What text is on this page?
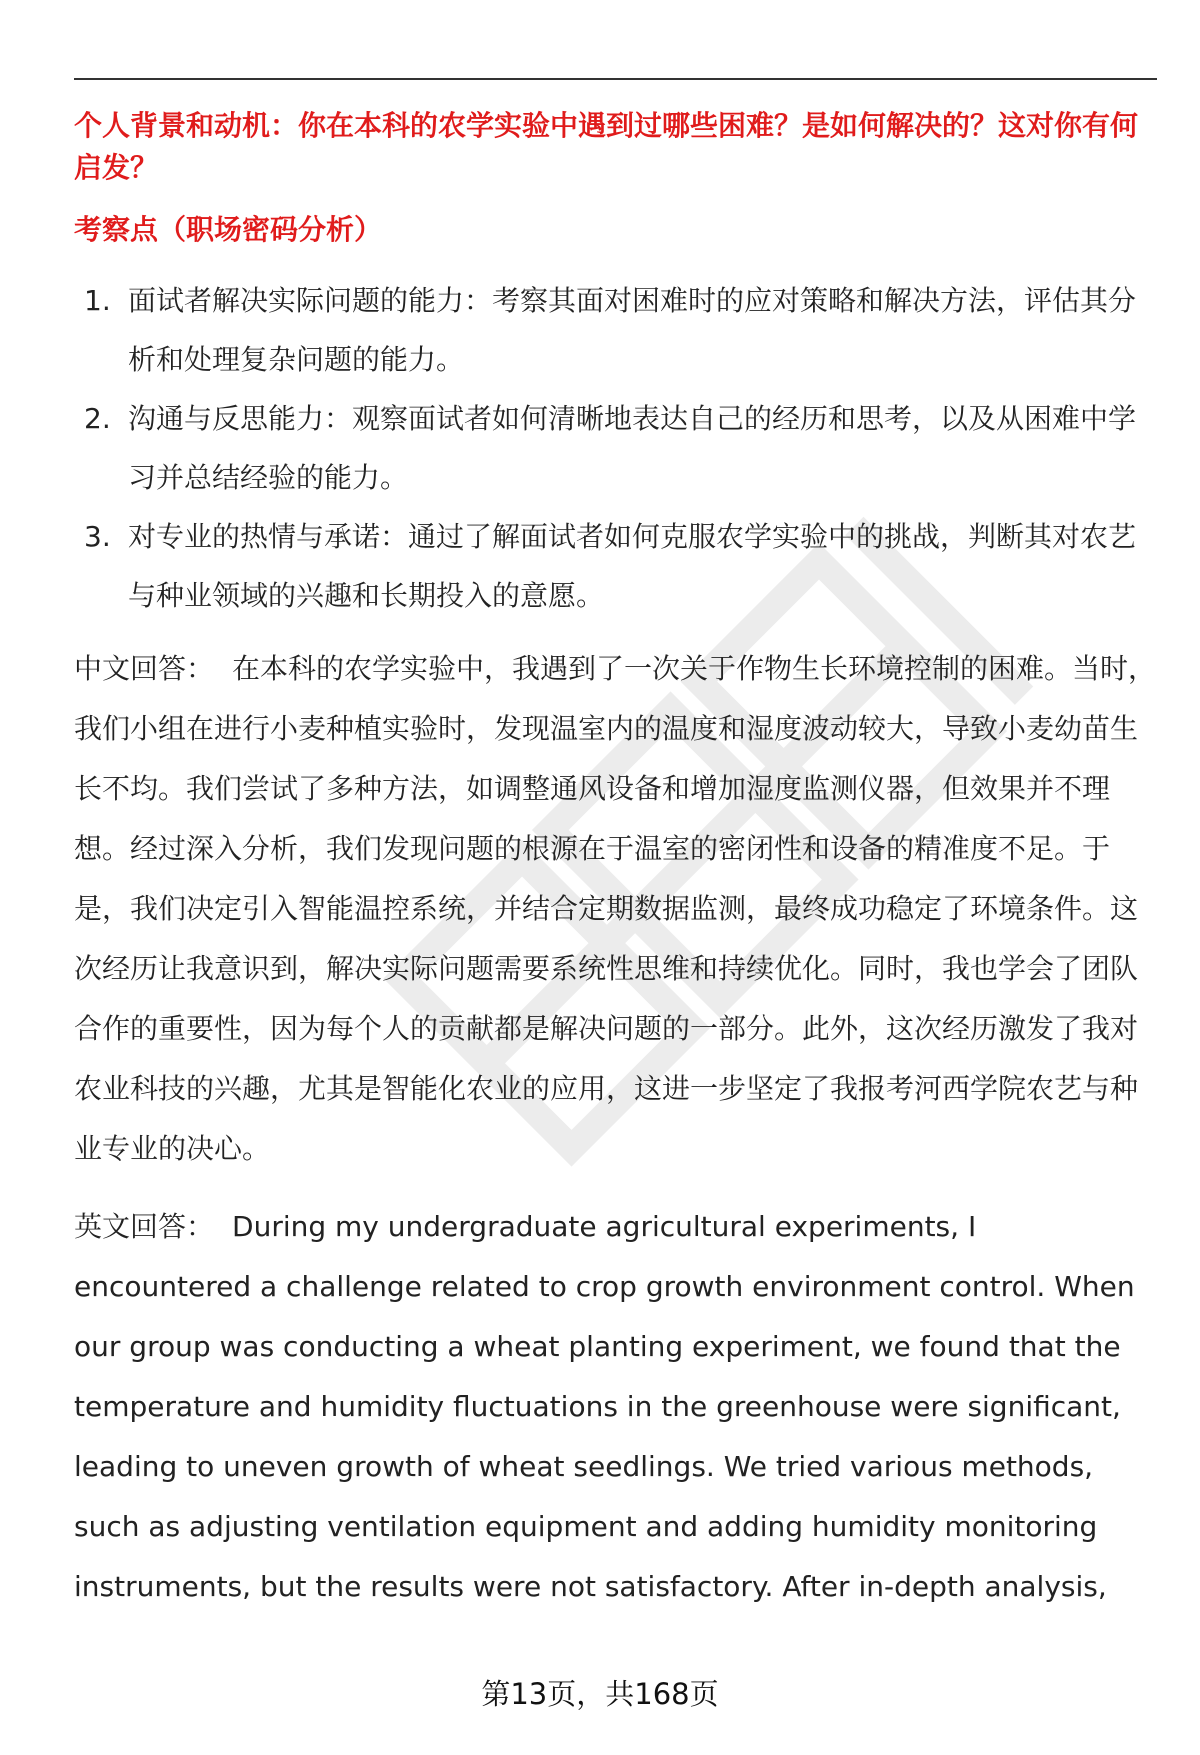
个人背景和动机：你在本科的农学实验中遇到过哪些困难？是如何解决的？这对你有何启发？
考察点（职场密码分析）
1. 面试者解决实际问题的能力：考察其面对困难时的应对策略和解决方法，评估其分析和处理复杂问题的能力。
2. 沟通与反思能力：观察面试者如何清晰地表达自己的经历和思考，以及从困难中学习并总结经验的能力。
3. 对专业的热情与承诺：通过了解面试者如何克服农学实验中的挑战，判断其对农艺与种业领域的兴趣和长期投入的意愿。

中文回答： 在本科的农学实验中，我遇到了一次关于作物生长环境控制的困难。当时，我们小组在进行小麦种植实验时，发现温室内的温度和湿度波动较大，导致小麦幼苗生长不均。我们尝试了多种方法，如调整通风设备和增加湿度监测仪器，但效果并不理想。经过深入分析，我们发现问题的根源在于温室的密闭性和设备的精准度不足。于是，我们决定引入智能温控系统，并结合定期数据监测，最终成功稳定了环境条件。这次经历让我意识到，解决实际问题需要系统性思维和持续优化。同时，我也学会了团队合作的重要性，因为每个人的贡献都是解决问题的一部分。此外，这次经历激发了我对农业科技的兴趣，尤其是智能化农业的应用，这进一步坚定了我报考河西学院农艺与种业专业的决心。

英文回答： During my undergraduate agricultural experiments, I encountered a challenge related to crop growth environment control. When our group was conducting a wheat planting experiment, we found that the temperature and humidity fluctuations in the greenhouse were significant, leading to uneven growth of wheat seedlings. We tried various methods, such as adjusting ventilation equipment and adding humidity monitoring instruments, but the results were not satisfactory. After in-depth analysis,

第13页，共168页
